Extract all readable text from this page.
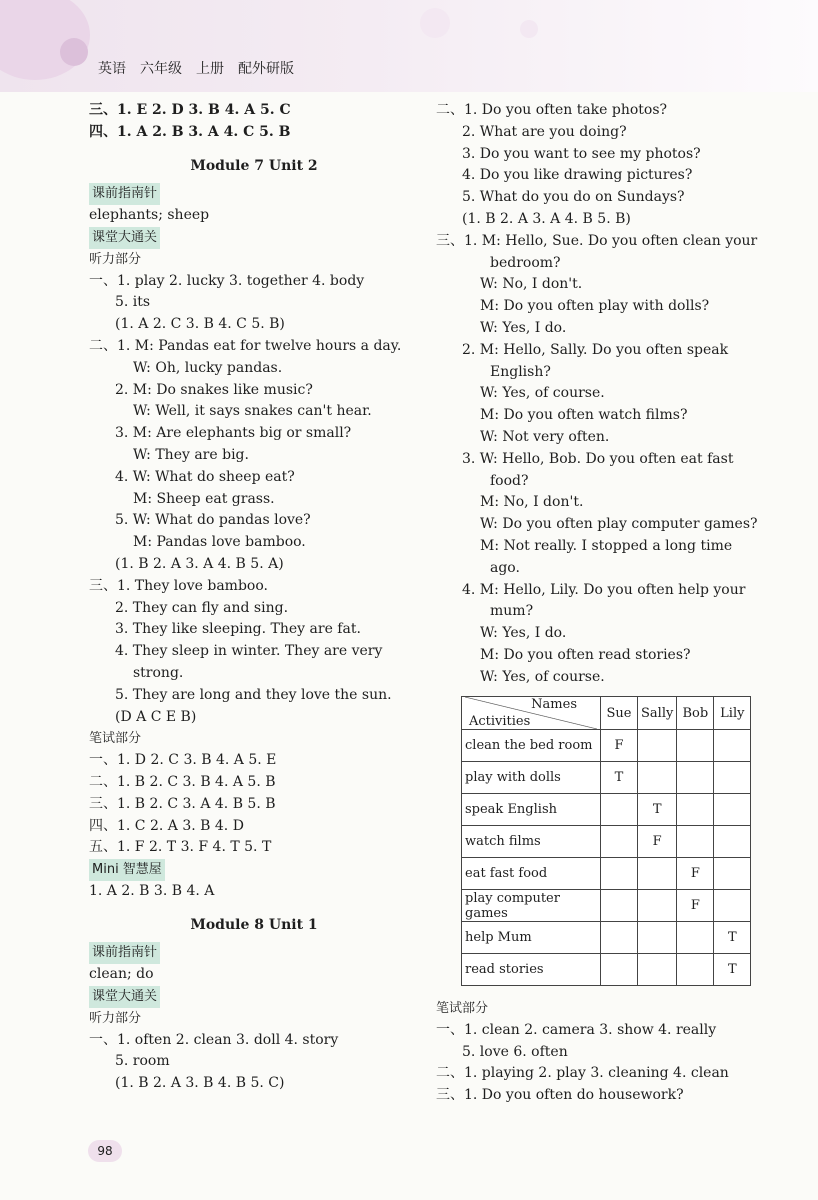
英语　六年级　上册　配外研版
三、1. E 2. D 3. B 4. A 5. C
四、1. A 2. B 3. A 4. C 5. B
Module 7 Unit 2
课前指南针
elephants; sheep
课堂大通关
听力部分
一、1. play 2. lucky 3. together 4. body
5. its
(1. A 2. C 3. B 4. C 5. B)
二、1. M: Pandas eat for twelve hours a day.
W: Oh, lucky pandas.
2. M: Do snakes like music?
W: Well, it says snakes can't hear.
3. M: Are elephants big or small?
W: They are big.
4. W: What do sheep eat?
M: Sheep eat grass.
5. W: What do pandas love?
M: Pandas love bamboo.
(1. B 2. A 3. A 4. B 5. A)
三、1. They love bamboo.
2. They can fly and sing.
3. They like sleeping. They are fat.
4. They sleep in winter. They are very
strong.
5. They are long and they love the sun.
(D A C E B)
笔试部分
一、1. D 2. C 3. B 4. A 5. E
二、1. B 2. C 3. B 4. A 5. B
三、1. B 2. C 3. A 4. B 5. B
四、1. C 2. A 3. B 4. D
五、1. F 2. T 3. F 4. T 5. T
Mini 智慧屋
1. A 2. B 3. B 4. A
Module 8 Unit 1
课前指南针
clean; do
课堂大通关
听力部分
一、1. often 2. clean 3. doll 4. story
5. room
(1. B 2. A 3. B 4. B 5. C)
二、1. Do you often take photos?
2. What are you doing?
3. Do you want to see my photos?
4. Do you like drawing pictures?
5. What do you do on Sundays?
(1. B 2. A 3. A 4. B 5. B)
三、1. M: Hello, Sue. Do you often clean your
bedroom?
W: No, I don't.
M: Do you often play with dolls?
W: Yes, I do.
2. M: Hello, Sally. Do you often speak
English?
W: Yes, of course.
M: Do you often watch films?
W: Not very often.
3. W: Hello, Bob. Do you often eat fast
food?
M: No, I don't.
W: Do you often play computer games?
M: Not really. I stopped a long time
ago.
4. M: Hello, Lily. Do you often help your
mum?
W: Yes, I do.
M: Do you often read stories?
W: Yes, of course.
Names
Activities	Sue	Sally	Bob	Lily
clean the bed room	F			
play with dolls	T			
speak English		T		
watch films		F		
eat fast food			F	
play computer games			F	
help Mum				T
read stories				T
笔试部分
一、1. clean 2. camera 3. show 4. really
5. love 6. often
二、1. playing 2. play 3. cleaning 4. clean
三、1. Do you often do housework?
98
